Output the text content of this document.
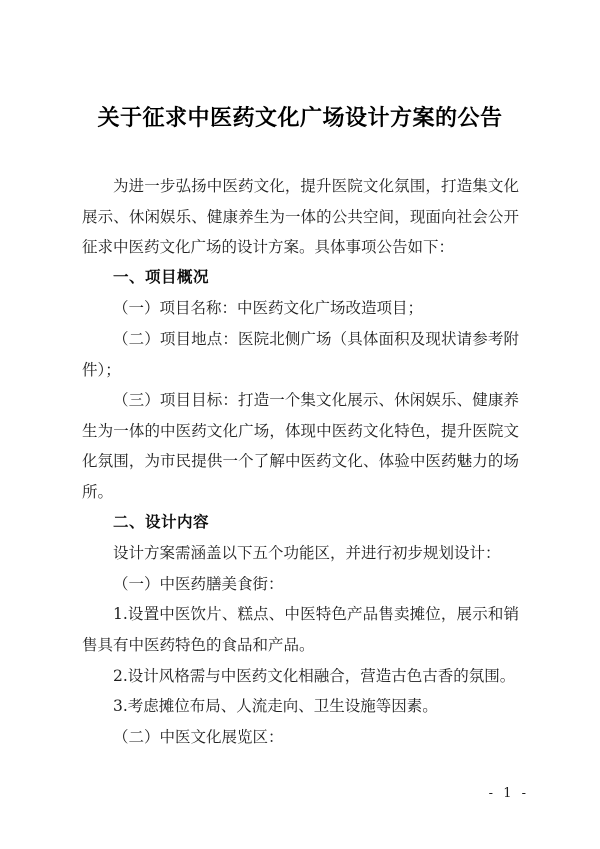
关于征求中医药文化广场设计方案的公告

为进一步弘扬中医药文化，提升医院文化氛围，打造集文化展示、休闲娱乐、健康养生为一体的公共空间，现面向社会公开征求中医药文化广场的设计方案。具体事项公告如下：

一、项目概况

（一）项目名称：中医药文化广场改造项目；

（二）项目地点：医院北侧广场（具体面积及现状请参考附件）；

（三）项目目标：打造一个集文化展示、休闲娱乐、健康养生为一体的中医药文化广场，体现中医药文化特色，提升医院文化氛围，为市民提供一个了解中医药文化、体验中医药魅力的场所。

二、设计内容

设计方案需涵盖以下五个功能区，并进行初步规划设计：

（一）中医药膳美食街：

1.设置中医饮片、糕点、中医特色产品售卖摊位，展示和销售具有中医药特色的食品和产品。

2.设计风格需与中医药文化相融合，营造古色古香的氛围。

3.考虑摊位布局、人流走向、卫生设施等因素。

（二）中医文化展览区：

- 1 -
